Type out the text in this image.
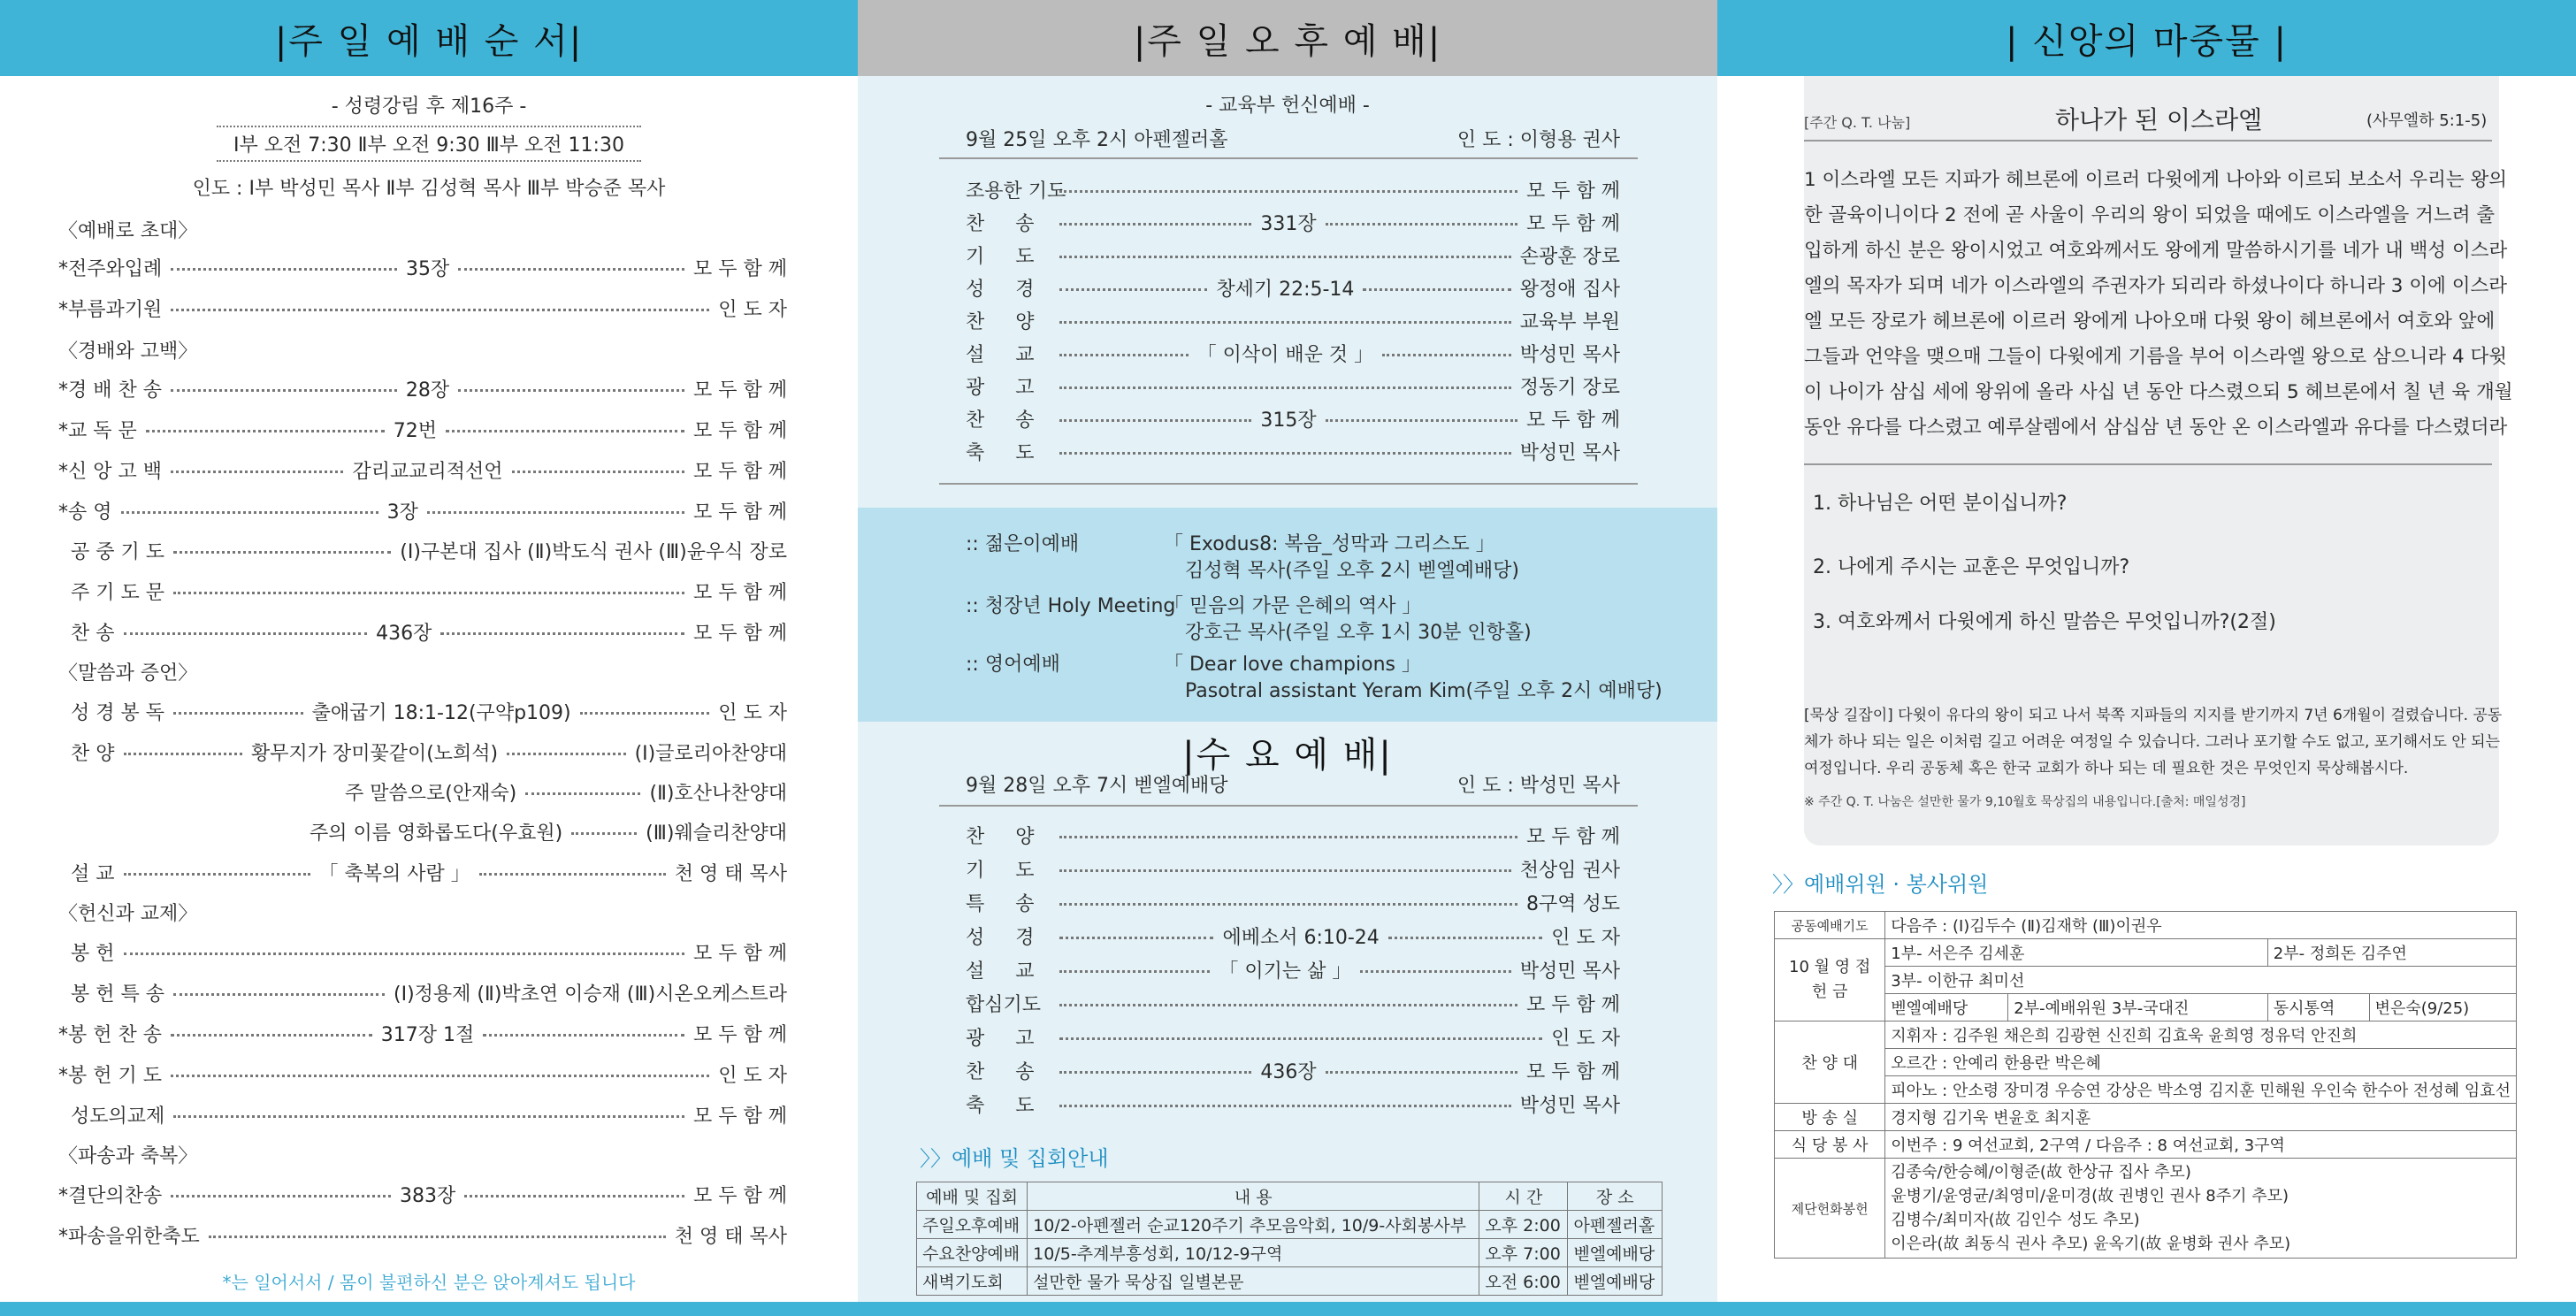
|주 일 예 배 순 서|
- 성령강림 후 제16주 -
Ⅰ부 오전 7:30 Ⅱ부 오전 9:30 Ⅲ부 오전 11:30
인도 : Ⅰ부 박성민 목사 Ⅱ부 김성혁 목사 Ⅲ부 박승준 목사
〈예배로 초대〉
*전주와입례	35장	모 두 함 께
*부름과기원	인 도 자
〈경배와 고백〉
*경 배 찬 송	28장	모 두 함 께
*교 독 문	72번	모 두 함 께
*신 앙 고 백	감리교교리적선언	모 두 함 께
*송 영	3장	모 두 함 께
공 중 기 도	(Ⅰ)구본대 집사 (Ⅱ)박도식 권사 (Ⅲ)윤우식 장로
주 기 도 문	모 두 함 께
찬 송	436장	모 두 함 께
〈말씀과 증언〉
성 경 봉 독	출애굽기 18:1-12(구약p109)	인 도 자
찬 양	황무지가 장미꽃같이(노희석)	(Ⅰ)글로리아찬양대
주 말씀으로(안재숙)	(Ⅱ)호산나찬양대
주의 이름 영화롭도다(우효원)	(Ⅲ)웨슬리찬양대
설 교	「 축복의 사람 」	천 영 태 목사
〈헌신과 교제〉
봉 헌	모 두 함 께
봉 헌 특 송	(Ⅰ)정용제 (Ⅱ)박초연 이승재 (Ⅲ)시온오케스트라
*봉 헌 찬 송	317장 1절	모 두 함 께
*봉 헌 기 도	인 도 자
성도의교제	모 두 함 께
〈파송과 축복〉
*결단의찬송	383장	모 두 함 께
*파송을위한축도	천 영 태 목사
*는 일어서서 / 몸이 불편하신 분은 앉아계셔도 됩니다
|주 일 오 후 예 배|
- 교육부 헌신예배 -
9월 25일 오후 2시 아펜젤러홀	인 도 : 이형용 권사
조용한 기도	모 두 함 께
찬     송	331장	모 두 함 께
기     도	손광훈 장로
성     경	창세기 22:5-14	왕정애 집사
찬     양	교육부 부원
설     교	「 이삭이 배운 것 」	박성민 목사
광     고	정동기 장로
찬     송	315장	모 두 함 께
축     도	박성민 목사
:: 젊은이예배	「 Exodus8: 복음_성막과 그리스도 」
김성혁 목사(주일 오후 2시 벧엘예배당)
:: 청장년 Holy Meeting
「 믿음의 가문 은혜의 역사 」
강호근 목사(주일 오후 1시 30분 인항홀)
:: 영어예배	「 Dear love champions 」
Pasotral assistant Yeram Kim(주일 오후 2시 예배당)
|수 요 예 배|
9월 28일 오후 7시 벧엘예배당	인 도 : 박성민 목사
찬     양	모 두 함 께
기     도	천상임 권사
특     송	8구역 성도
성     경	에베소서 6:10-24	인 도 자
설     교	「 이기는 삶 」	박성민 목사
합심기도	모 두 함 께
광     고	인 도 자
찬     송	436장	모 두 함 께
축     도	박성민 목사
〉〉예배 및 집회안내
예배 및 집회	내 용	시 간	장 소
주일오후예배	10/2-아펜젤러 순교120주기 추모음악회, 10/9-사회봉사부	오후 2:00	아펜젤러홀
수요찬양예배	10/5-추계부흥성회, 10/12-9구역	오후 7:00	벧엘예배당
새벽기도회	설만한 물가 묵상집 일별본문	오전 6:00	벧엘예배당
| 신앙의 마중물 |
[주간 Q. T. 나눔]	하나가 된 이스라엘	(사무엘하 5:1-5)
1 이스라엘 모든 지파가 헤브론에 이르러 다윗에게 나아와 이르되 보소서 우리는 왕의
한 골육이니이다 2 전에 곧 사울이 우리의 왕이 되었을 때에도 이스라엘을 거느려 출
입하게 하신 분은 왕이시었고 여호와께서도 왕에게 말씀하시기를 네가 내 백성 이스라
엘의 목자가 되며 네가 이스라엘의 주권자가 되리라 하셨나이다 하니라 3 이에 이스라
엘 모든 장로가 헤브론에 이르러 왕에게 나아오매 다윗 왕이 헤브론에서 여호와 앞에
그들과 언약을 맺으매 그들이 다윗에게 기름을 부어 이스라엘 왕으로 삼으니라 4 다윗
이 나이가 삼십 세에 왕위에 올라 사십 년 동안 다스렸으되 5 헤브론에서 칠 년 육 개월
동안 유다를 다스렸고 예루살렘에서 삼십삼 년 동안 온 이스라엘과 유다를 다스렸더라
1. 하나님은 어떤 분이십니까?
2. 나에게 주시는 교훈은 무엇입니까?
3. 여호와께서 다윗에게 하신 말씀은 무엇입니까?(2절)
[묵상 길잡이] 다윗이 유다의 왕이 되고 나서 북쪽 지파들의 지지를 받기까지 7년 6개월이 걸렸습니다. 공동
체가 하나 되는 일은 이처럼 길고 어려운 여정일 수 있습니다. 그러나 포기할 수도 없고, 포기해서도 안 되는
여정입니다. 우리 공동체 혹은 한국 교회가 하나 되는 데 필요한 것은 무엇인지 묵상해봅시다.
※ 주간 Q. T. 나눔은 설만한 물가 9,10월호 묵상집의 내용입니다.[출처: 매일성경]
〉〉예배위원 · 봉사위원
공동예배기도	다음주 : (Ⅰ)김두수 (Ⅱ)김재학 (Ⅲ)이권우			
10 월 영 접 헌 금	1부- 서은주 김세훈		2부- 정희돈 김주연	
	3부- 이한규 최미선			
	벧엘예배당	2부-예배위원 3부-국대진	동시통역	변은숙(9/25)
찬 양 대	지휘자 : 김주원 채은희 김광현 신진희 김효욱 윤희영 정유덕 안진희			
	오르간 : 안예리 한용란 박은혜			
	피아노 : 안소령 장미경 우승연 강상은 박소영 김지훈 민해원 우인숙 한수아 전성혜 임효선			
방 송 실	경지형 김기욱 변윤호 최지훈			
식 당 봉 사	이번주 : 9 여선교회, 2구역 / 다음주 : 8 여선교회, 3구역			
제단헌화봉헌	김종숙/한승혜/이형준(故 한상규 집사 추모)
윤병기/윤영균/최영미/윤미경(故 권병인 권사 8주기 추모)
김병수/최미자(故 김인수 성도 추모)
이은라(故 최동식 권사 추모) 윤옥기(故 윤병화 권사 추모)			
